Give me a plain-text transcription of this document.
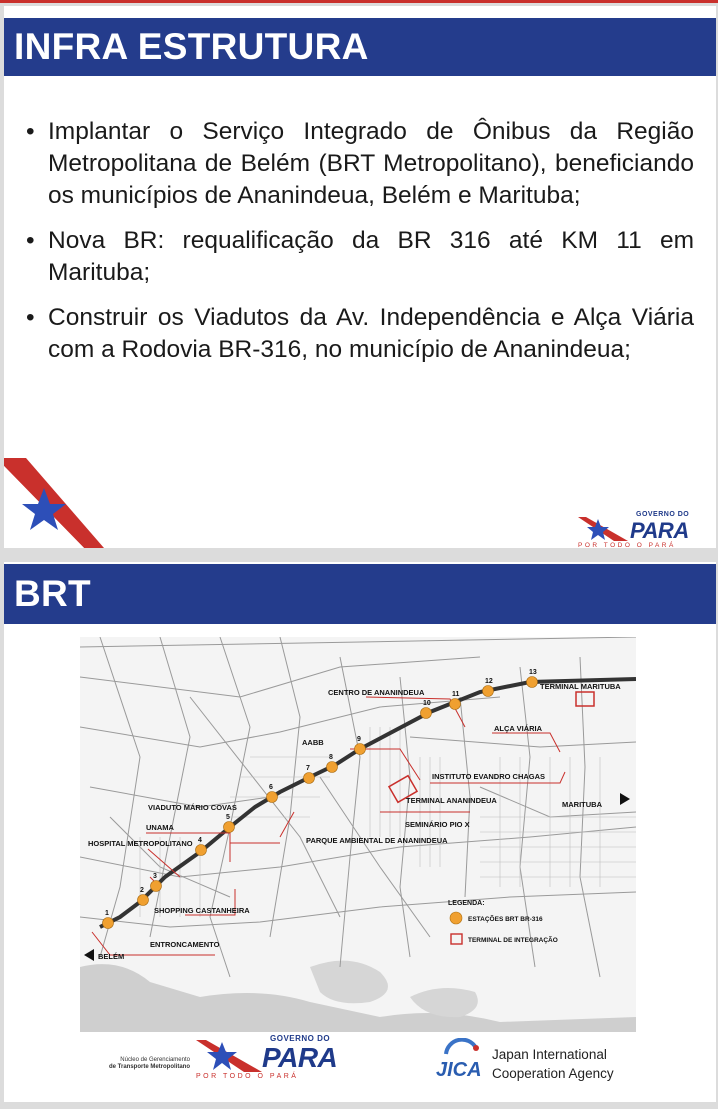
INFRA ESTRUTURA
• Implantar o Serviço Integrado de Ônibus da Região Metropolitana de Belém (BRT Metropolitano), beneficiando os municípios de Ananindeua, Belém e Marituba;
• Nova BR: requalificação da BR 316 até KM 11 em Marituba;
• Construir os Viadutos da Av. Independência e Alça Viária com a Rodovia BR-316, no município de Ananindeua;
GOVERNO DO
PARA
POR TODO O PARÁ
BRT
CENTRO DE ANANINDEUA
TERMINAL MARITUBA
AABB
ALÇA VIÁRIA
INSTITUTO EVANDRO CHAGAS
TERMINAL ANANINDEUA	MARITUBA
VIADUTO MÁRIO COVAS
SEMINÁRIO PIO X
UNAMA
PARQUE AMBIENTAL DE ANANINDEUA
HOSPITAL METROPOLITANO
SHOPPING CASTANHEIRA
ENTRONCAMENTO
BELÉM
1
2
3
4
5
6
7
8
9
10
11
12
13
LEGENDA:
ESTAÇÕES BRT BR-316
TERMINAL DE INTEGRAÇÃO
Núcleo de Gerenciamento
de Transporte Metropolitano
GOVERNO DO
PARA
POR TODO O PARÁ	JICA
Japan International
Cooperation Agency
